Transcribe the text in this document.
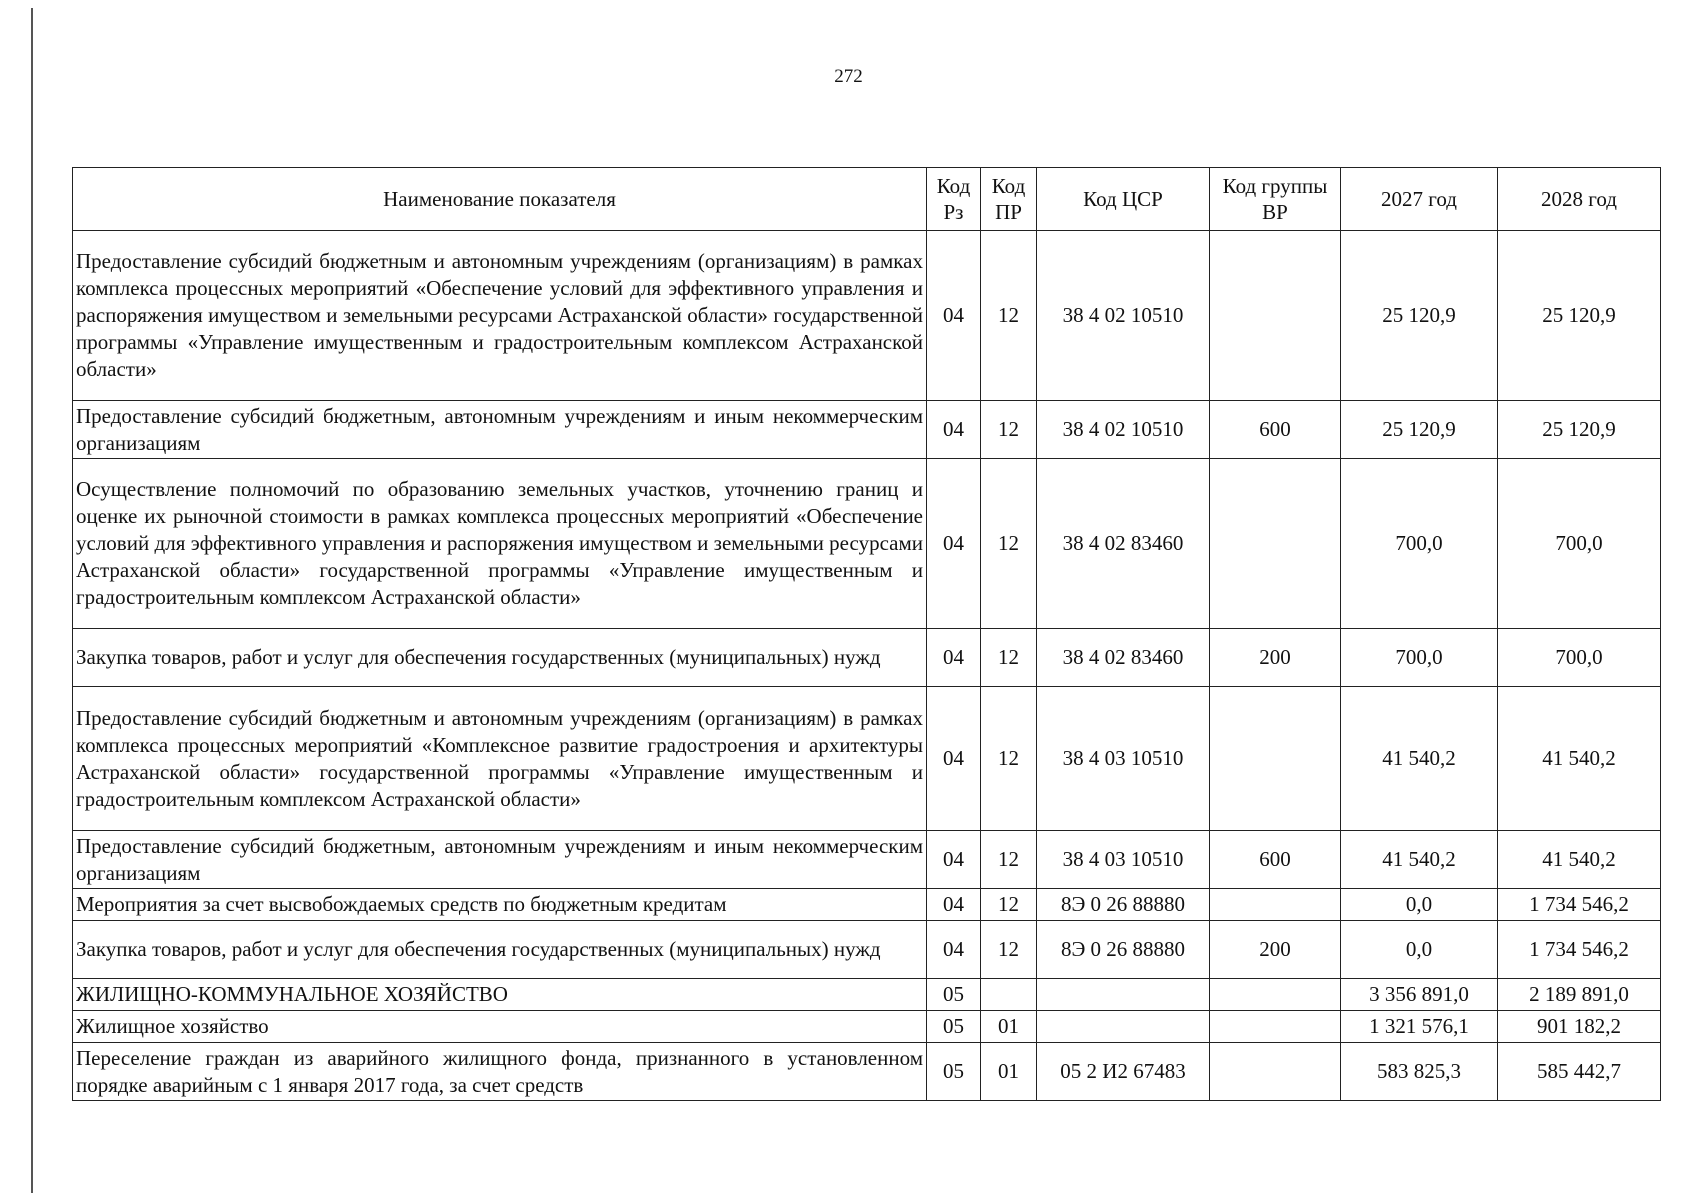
272
Наименование показателя	Код Рз	Код ПР	Код ЦСР	Код группы ВР	2027 год	2028 год
Предоставление субсидий бюджетным и автономным учреждениям (организациям) в рамках комплекса процессных мероприятий «Обеспечение условий для эффективного управления и распоряжения имуществом и земельными ресурсами Астраханской области» государственной программы «Управление имущественным и градостроительным комплексом Астраханской области»	04	12	38 4 02 10510		25 120,9	25 120,9
Предоставление субсидий бюджетным, автономным учреждениям и иным некоммерческим организациям	04	12	38 4 02 10510	600	25 120,9	25 120,9
Осуществление полномочий по образованию земельных участков, уточнению границ и оценке их рыночной стоимости в рамках комплекса процессных мероприятий «Обеспечение условий для эффективного управления и распоряжения имуществом и земельными ресурсами Астраханской области» государственной программы «Управление имущественным и градостроительным комплексом Астраханской области»	04	12	38 4 02 83460		700,0	700,0
Закупка товаров, работ и услуг для обеспечения государственных (муниципальных) нужд	04	12	38 4 02 83460	200	700,0	700,0
Предоставление субсидий бюджетным и автономным учреждениям (организациям) в рамках комплекса процессных мероприятий «Комплексное развитие градостроения и архитектуры Астраханской области» государственной программы «Управление имущественным и градостроительным комплексом Астраханской области»	04	12	38 4 03 10510		41 540,2	41 540,2
Предоставление субсидий бюджетным, автономным учреждениям и иным некоммерческим организациям	04	12	38 4 03 10510	600	41 540,2	41 540,2
Мероприятия за счет высвобождаемых средств по бюджетным кредитам	04	12	8Э 0 26 88880		0,0	1 734 546,2
Закупка товаров, работ и услуг для обеспечения государственных (муниципальных) нужд	04	12	8Э 0 26 88880	200	0,0	1 734 546,2
ЖИЛИЩНО-КОММУНАЛЬНОЕ ХОЗЯЙСТВО	05				3 356 891,0	2 189 891,0
Жилищное хозяйство	05	01			1 321 576,1	901 182,2
Переселение граждан из аварийного жилищного фонда, признанного в установленном порядке аварийным с 1 января 2017 года, за счет средств	05	01	05 2 И2 67483		583 825,3	585 442,7
